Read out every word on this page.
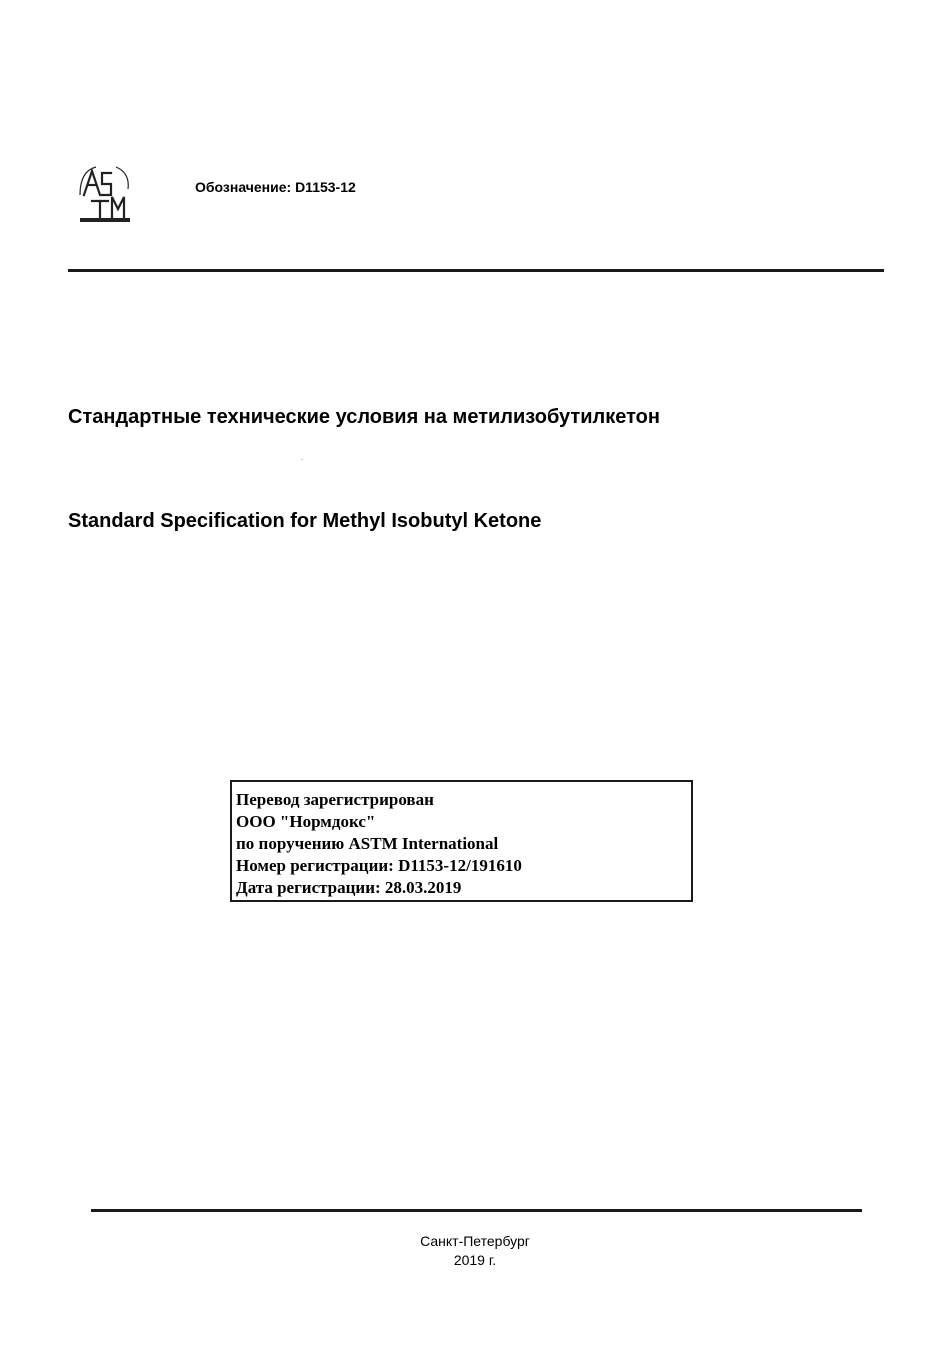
Обозначение: D1153-12
Стандартные технические условия на метилизобутилкетон
Standard Specification for Methyl Isobutyl Ketone
Перевод зарегистрирован
ООО "Нормдокс"
по поручению ASTM International
Номер регистрации: D1153-12/191610
Дата регистрации: 28.03.2019
Санкт-Петербург
2019 г.
